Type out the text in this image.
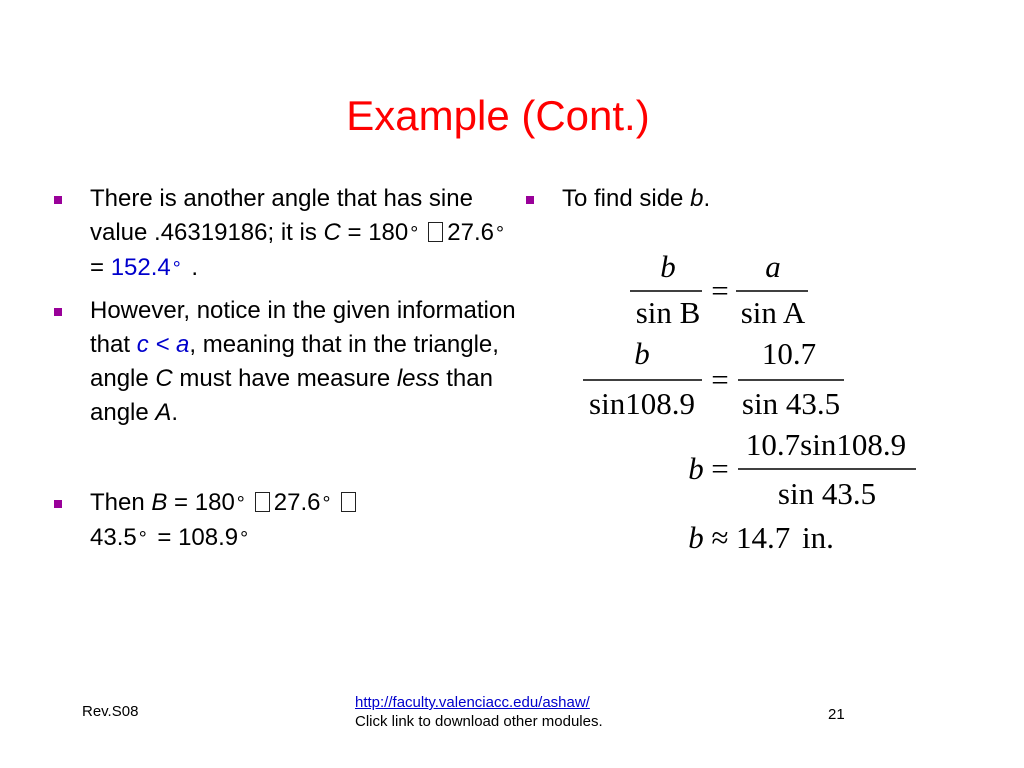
Example (Cont.)
There is another angle that has sine value .46319186; it is C = 180 ° 27.6 ° = 152.4 ° .
However, notice in the given information that c < a, meaning that in the triangle, angle C must have measure less than angle A.
Then B = 180 ° 27.6 °
43.5 ° = 108.9 °
To find side b.
b
sin B
=
a
sin A
b
sin108.9
=
10.7
sin 43.5
b =
10.7sin108.9
sin 43.5
b ≈ 14.7 in.
Rev.S08
http://faculty.valenciacc.edu/ashaw/
Click link to download other modules.	21
